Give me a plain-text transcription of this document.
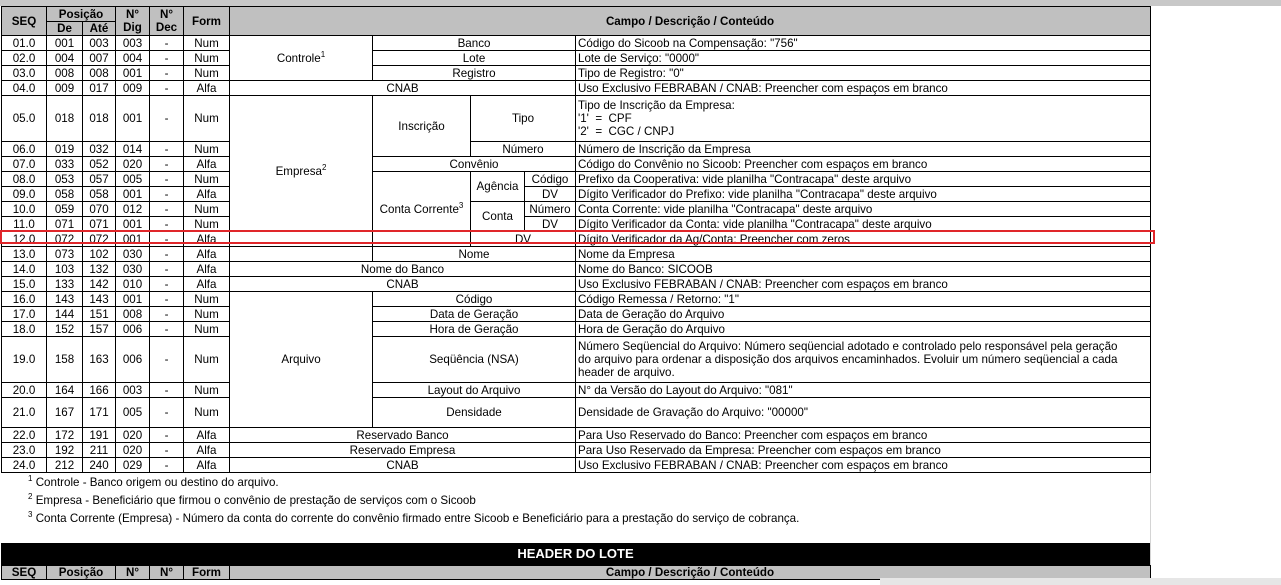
SEQ	Posição		N° Dig	N° Dec	Form	Campo / Descrição / Conteúdo				
	De	Até								
01.0	001	003	003	-	Num	Controle$^1$	Banco			Código do Sicoob na Compensação: "756"
02.0	004	007	004	-	Num		Lote			Lote de Serviço: "0000"
03.0	008	008	001	-	Num		Registro			Tipo de Registro: "0"
04.0	009	017	009	-	Alfa	CNAB				Uso Exclusivo FEBRABAN / CNAB: Preencher com espaços em branco
05.0	018	018	001	-	Num	Empresa$^2$	Inscrição	Tipo		Tipo de Inscrição da Empresa:
'1'  =  CPF
'2'  =  CGC / CNPJ

06.0	019	032	014	-	Num			Número		Número de Inscrição da Empresa
07.0	033	052	020	-	Alfa		Convênio			Código do Convênio no Sicoob: Preencher com espaços em branco
08.0	053	057	005	-	Num		Conta Corrente$^3$	Agência	Código	Prefixo da Cooperativa: vide planilha "Contracapa" deste arquivo
09.0	058	058	001	-	Alfa				DV	Dígito Verificador do Prefixo: vide planilha "Contracapa" deste arquivo
10.0	059	070	012	-	Num			Conta	Número	Conta Corrente: vide planilha "Contracapa" deste arquivo
11.0	071	071	001	-	Num				DV	Dígito Verificador da Conta: vide planilha "Contracapa" deste arquivo
12.0	072	072	001	-	Alfa			DV		Dígito Verificador da Ag/Conta: Preencher com zeros
13.0	073	102	030	-	Alfa		Nome			Nome da Empresa
14.0	103	132	030	-	Alfa	Nome do Banco				Nome do Banco: SICOOB
15.0	133	142	010	-	Alfa	CNAB				Uso Exclusivo FEBRABAN / CNAB: Preencher com espaços em branco
16.0	143	143	001	-	Num	Arquivo	Código			Código Remessa / Retorno: "1"
17.0	144	151	008	-	Num		Data de Geração			Data de Geração do Arquivo
18.0	152	157	006	-	Num		Hora de Geração			Hora de Geração do Arquivo
19.0	158	163	006	-	Num		Seqüência (NSA)			Número Seqüencial do Arquivo: Número seqüencial adotado e controlado pelo responsável pela geração do arquivo para ordenar a disposição dos arquivos encaminhados. Evoluir um número seqüencial a cada header de arquivo.
20.0	164	166	003	-	Num		Layout do Arquivo			N° da Versão do Layout do Arquivo: "081"
21.0	167	171	005	-	Num		Densidade			Densidade de Gravação do Arquivo: "00000"
22.0	172	191	020	-	Alfa	Reservado Banco				Para Uso Reservado do Banco: Preencher com espaços em branco
23.0	192	211	020	-	Alfa	Reservado Empresa				Para Uso Reservado da Empresa: Preencher com espaços em branco
24.0	212	240	029	-	Alfa	CNAB				Uso Exclusivo FEBRABAN / CNAB: Preencher com espaços em branco
$^1$ Controle - Banco origem ou destino do arquivo.
$^2$ Empresa - Beneficiário que firmou o convênio de prestação de serviços com o Sicoob
$^3$ Conta Corrente (Empresa) - Número da conta do corrente do convênio firmado entre Sicoob e Beneficiário para a prestação do serviço de cobrança.
HEADER DO LOTE
SEQ	Posição	N°	N°	Form	Campo / Descrição / Conteúdo
